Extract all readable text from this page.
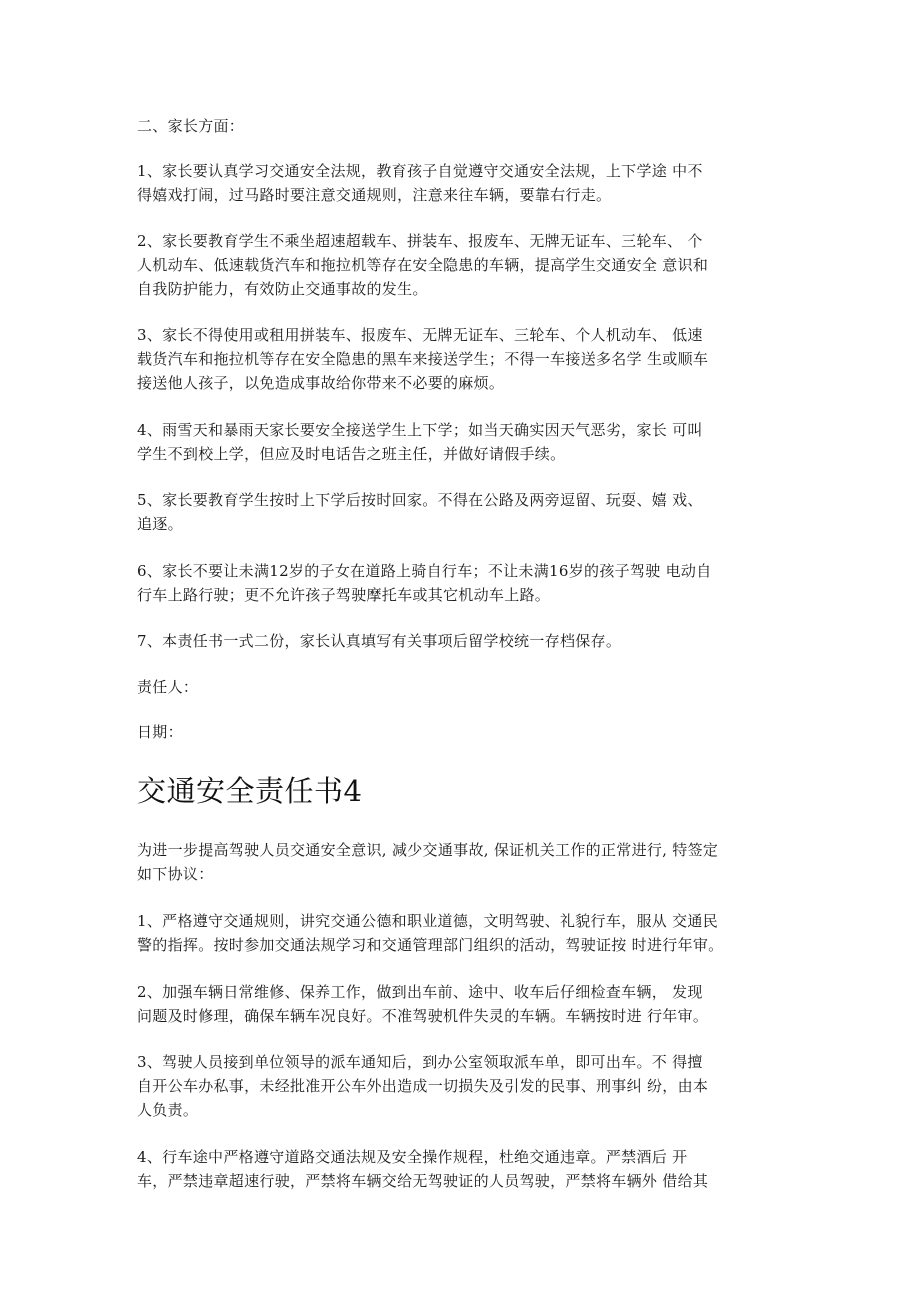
二、家长方面：
1、家长要认真学习交通安全法规，教育孩子自觉遵守交通安全法规，上下学途 中不
得嬉戏打闹，过马路时要注意交通规则，注意来往车辆，要靠右行走。
2、家长要教育学生不乘坐超速超载车、拼装车、报废车、无牌无证车、三轮车、 个
人机动车、低速载货汽车和拖拉机等存在安全隐患的车辆，提高学生交通安全 意识和
自我防护能力，有效防止交通事故的发生。
3、家长不得使用或租用拼装车、报废车、无牌无证车、三轮车、个人机动车、 低速
载货汽车和拖拉机等存在安全隐患的黑车来接送学生；不得一车接送多名学 生或顺车
接送他人孩子，以免造成事故给你带来不必要的麻烦。
4、雨雪天和暴雨天家长要安全接送学生上下学；如当天确实因天气恶劣，家长 可叫
学生不到校上学，但应及时电话告之班主任，并做好请假手续。
5、家长要教育学生按时上下学后按时回家。不得在公路及两旁逗留、玩耍、嬉 戏、
追逐。
6、家长不要让未满12岁的子女在道路上骑自行车；不让未满16岁的孩子驾驶 电动自
行车上路行驶；更不允许孩子驾驶摩托车或其它机动车上路。
7、本责任书一式二份，家长认真填写有关事项后留学校统一存档保存。
责任人：
日期：
交通安全责任书4
为进一步提高驾驶人员交通安全意识, 减少交通事故, 保证机关工作的正常进行, 特签定
如下协议：
1、严格遵守交通规则，讲究交通公德和职业道德，文明驾驶、礼貌行车，服从 交通民
警的指挥。按时参加交通法规学习和交通管理部门组织的活动，驾驶证按 时进行年审。
2、加强车辆日常维修、保养工作，做到出车前、途中、收车后仔细检查车辆， 发现
问题及时修理，确保车辆车况良好。不准驾驶机件失灵的车辆。车辆按时进 行年审。
3、驾驶人员接到单位领导的派车通知后，到办公室领取派车单，即可出车。不 得擅
自开公车办私事，未经批准开公车外出造成一切损失及引发的民事、刑事纠 纷，由本
人负责。
4、行车途中严格遵守道路交通法规及安全操作规程，杜绝交通违章。严禁酒后 开
车，严禁违章超速行驶，严禁将车辆交给无驾驶证的人员驾驶，严禁将车辆外 借给其
